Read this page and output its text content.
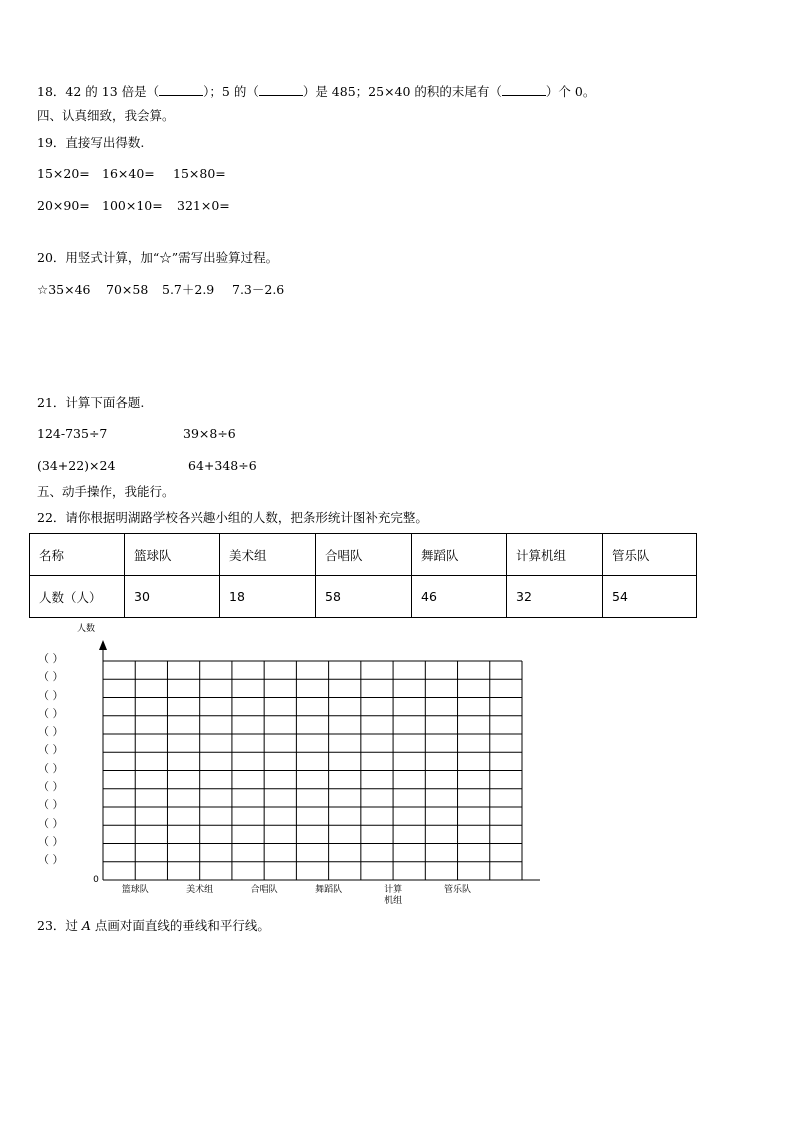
18．42 的 13 倍是（	）；5 的（	）是 485；25×40 的积的末尾有（	）个 0。
四、认真细致，我会算。
19．直接写出得数.
15×20= 16×40= 15×80=
20×90= 100×10= 321×0=
20．用竖式计算，加“☆”需写出验算过程。
☆35×46 70×58 5.7＋2.9 7.3－2.6
21．计算下面各题.
124-735÷7	39×8÷6
(34+22)×24	64+348÷6
五、动手操作，我能行。
22．请你根据明湖路学校各兴趣小组的人数，把条形统计图补充完整。
名称	篮球队	美术组	合唱队	舞蹈队	计算机组	管乐队
人数（人）	30	18	58	46	32	54
（ ）
（ ）
（ ）
（ ）
（ ）
（ ）
（ ）
（ ）
（ ）
（ ）
（ ）
（ ）
人数
0
篮球队	美术组	合唱队	舞蹈队	计算
机组
管乐队
23．过 A 点画对面直线的垂线和平行线。
